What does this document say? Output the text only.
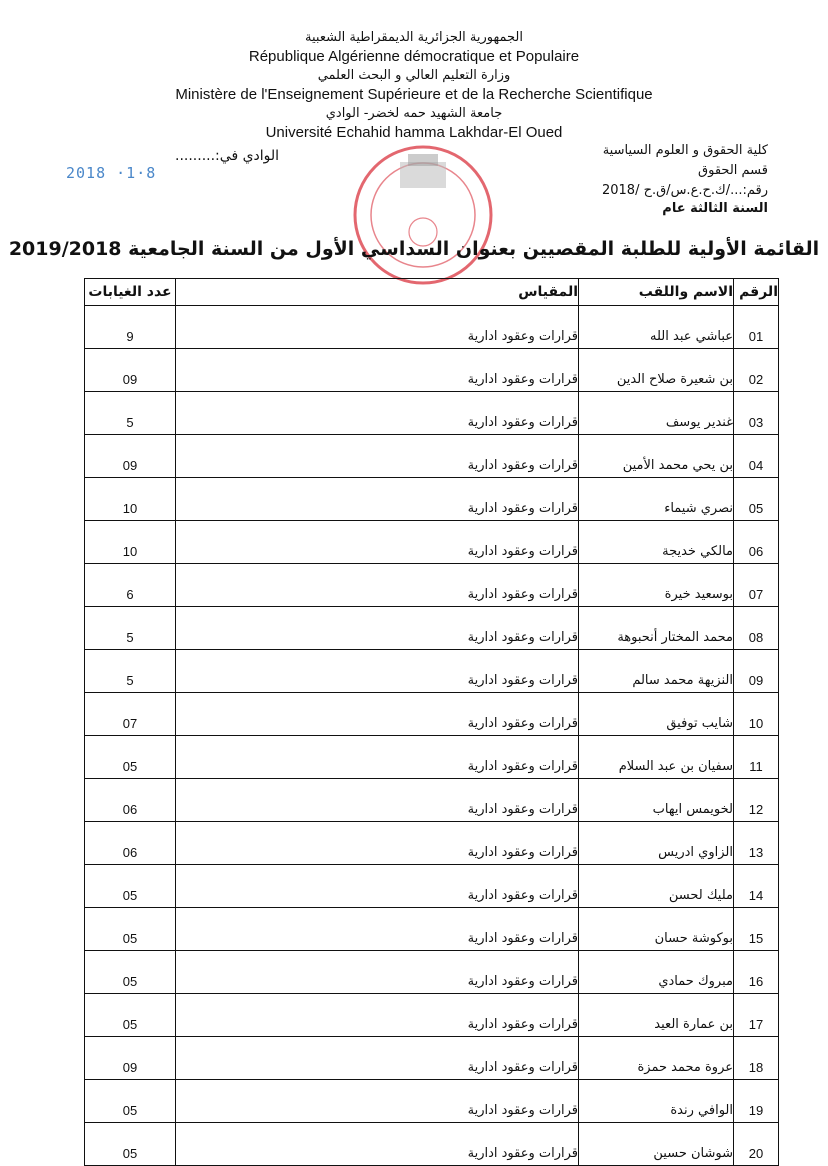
الجمهورية الجزائرية الديمقراطية الشعبية
République Algérienne démocratique et Populaire
وزارة التعليم العالي و البحث العلمي
Ministère de l'Enseignement Supérieure et de la Recherche Scientifique
جامعة الشهيد حمه لخضر- الوادي
Université Echahid hamma Lakhdar-El Oued
كلية الحقوق و العلوم السياسية
قسم الحقوق
رقم:.../ك.ح.ع.س/ق.ح /2018
السنة الثالثة عام
الوادي في:.........
2018 ·1·8
القائمة الأولية للطلبة المقصيين بعنوان السداسي الأول من السنة الجامعية 2019/2018
الرقم	الاسم واللقب	المقياس	عدد الغيابات
01	عباشي عبد الله	قرارات وعقود ادارية	9
02	بن شعيرة صلاح الدين	قرارات وعقود ادارية	09
03	غندير يوسف	قرارات وعقود ادارية	5
04	بن يحي محمد الأمين	قرارات وعقود ادارية	09
05	نصري شيماء	قرارات وعقود ادارية	10
06	مالكي خديجة	قرارات وعقود ادارية	10
07	بوسعيد خيرة	قرارات وعقود ادارية	6
08	محمد المختار أنحبوهة	قرارات وعقود ادارية	5
09	النزيهة محمد سالم	قرارات وعقود ادارية	5
10	شايب توفيق	قرارات وعقود ادارية	07
11	سفيان بن عبد السلام	قرارات وعقود ادارية	05
12	لخويمس ايهاب	قرارات وعقود ادارية	06
13	الزاوي ادريس	قرارات وعقود ادارية	06
14	مليك لحسن	قرارات وعقود ادارية	05
15	بوكوشة حسان	قرارات وعقود ادارية	05
16	مبروك حمادي	قرارات وعقود ادارية	05
17	بن عمارة العيد	قرارات وعقود ادارية	05
18	عروة محمد حمزة	قرارات وعقود ادارية	09
19	الوافي رندة	قرارات وعقود ادارية	05
20	شوشان حسين	قرارات وعقود ادارية	05
